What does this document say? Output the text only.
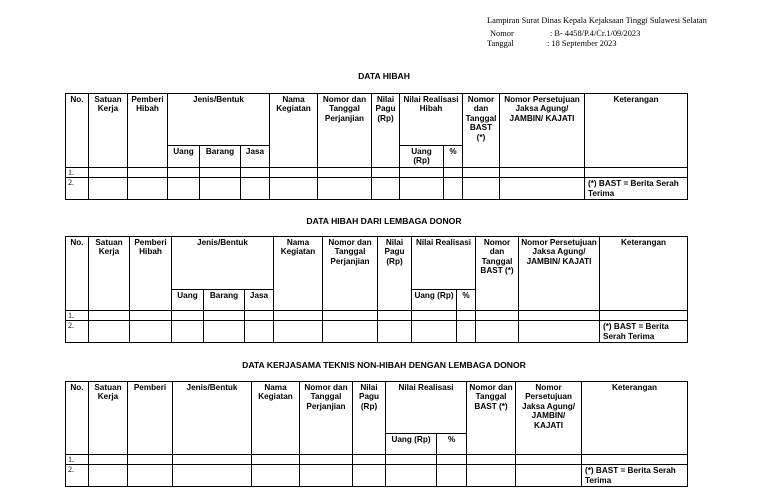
Lampiran Surat Dinas Kepala Kejaksaan Tinggi Sulawesi Selatan
Nomor	: B- 4458/P.4/Cr.1/09/2023
Tanggal	: 18 September 2023
DATA HIBAH
No.	Satuan Kerja	Pemberi Hibah	Jenis/Bentuk			Nama Kegiatan	Nomor dan Tanggal Perjanjian	Nilai Pagu (Rp)	Nilai Realisasi Hibah		Nomor dan Tanggal BAST (*)	Nomor Persetujuan Jaksa Agung/ JAMBIN/ KAJATI	Keterangan
			Uang	Barang	Jasa				Uang (Rp)	%			
1.													
2.													(*) BAST = Berita Serah Terima
DATA HIBAH DARI LEMBAGA DONOR
No.	Satuan Kerja	Pemberi Hibah	Jenis/Bentuk			Nama Kegiatan	Nomor dan Tanggal Perjanjian	Nilai Pagu (Rp)	Nilai Realisasi		Nomor dan Tanggal BAST (*)	Nomor Persetujuan Jaksa Agung/ JAMBIN/ KAJATI	Keterangan
			Uang	Barang	Jasa				Uang (Rp)	%			
1.													
2.													(*) BAST = Berita Serah Terima
DATA KERJASAMA TEKNIS NON-HIBAH DENGAN LEMBAGA DONOR
No.	Satuan Kerja	Pemberi	Jenis/Bentuk	Nama Kegiatan	Nomor dan Tanggal Perjanjian	Nilai Pagu (Rp)	Nilai Realisasi		Nomor dan Tanggal BAST (*)	Nomor Persetujuan Jaksa Agung/ JAMBIN/ KAJATI	Keterangan
							Uang (Rp)	%			
1.											
2.											(*) BAST = Berita Serah Terima
